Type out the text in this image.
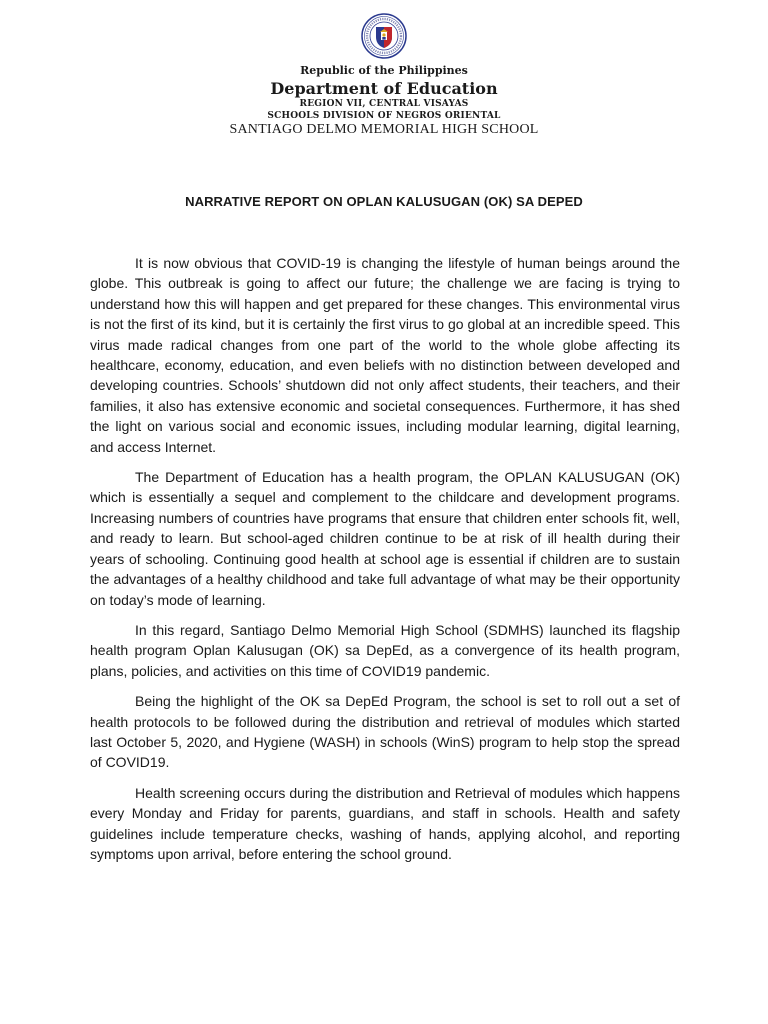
Republic of the Philippines
Department of Education
REGION VII, CENTRAL VISAYAS
SCHOOLS DIVISION OF NEGROS ORIENTAL
SANTIAGO DELMO MEMORIAL HIGH SCHOOL
NARRATIVE REPORT ON OPLAN KALUSUGAN (OK) SA DEPED

It is now obvious that COVID-19 is changing the lifestyle of human beings around the globe. This outbreak is going to affect our future; the challenge we are facing is trying to understand how this will happen and get prepared for these changes. This environmental virus is not the first of its kind, but it is certainly the first virus to go global at an incredible speed. This virus made radical changes from one part of the world to the whole globe affecting its healthcare, economy, education, and even beliefs with no distinction between developed and developing countries. Schools’ shutdown did not only affect students, their teachers, and their families, it also has extensive economic and societal consequences. Furthermore, it has shed the light on various social and economic issues, including modular learning, digital learning, and access Internet.

The Department of Education has a health program, the OPLAN KALUSUGAN (OK) which is essentially a sequel and complement to the childcare and development programs. Increasing numbers of countries have programs that ensure that children enter schools fit, well, and ready to learn. But school-aged children continue to be at risk of ill health during their years of schooling. Continuing good health at school age is essential if children are to sustain the advantages of a healthy childhood and take full advantage of what may be their opportunity on today’s mode of learning.

In this regard, Santiago Delmo Memorial High School (SDMHS) launched its flagship health program Oplan Kalusugan (OK) sa DepEd, as a convergence of its health program, plans, policies, and activities on this time of COVID19 pandemic.

Being the highlight of the OK sa DepEd Program, the school is set to roll out a set of health protocols to be followed during the distribution and retrieval of modules which started last October 5, 2020, and Hygiene (WASH) in schools (WinS) program to help stop the spread of COVID19.

Health screening occurs during the distribution and Retrieval of modules which happens every Monday and Friday for parents, guardians, and staff in schools. Health and safety guidelines include temperature checks, washing of hands, applying alcohol, and reporting symptoms upon arrival, before entering the school ground.
